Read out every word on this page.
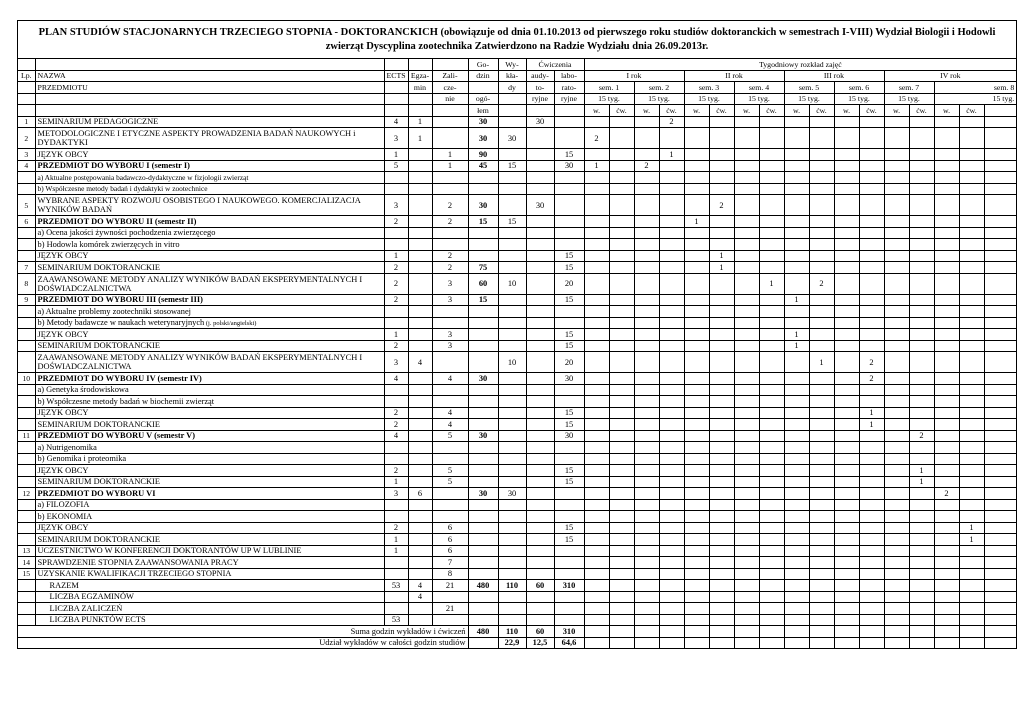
PLAN STUDIÓW STACJONARNYCH TRZECIEGO STOPNIA - DOKTORANCKICH (obowiązuje od dnia 01.10.2013 od pierwszego roku studiów doktoranckich w semestrach I-VIII) Wydział Biologii i Hodowli zwierząt Dyscyplina zootechnika Zatwierdzono na Radzie Wydziału dnia 26.09.2013r.
					Go-	Wy-	Ćwiczenia		Tygodniowy rozkład zajęć																
Lp.	NAZWA	ECTS	Egza-	Zali-	dzin	kła-	audy-	labo-	I rok				II rok				III rok				IV rok				
	PRZEDMIOTU		min	cze-		dy	to-	rato-	sem. 1		sem. 2		sem. 3		sem. 4		sem. 5		sem. 6		sem. 7		sem. 8		
				nie	ogó-		ryjne	ryjne	15 tyg.		15 tyg.		15 tyg.		15 tyg.		15 tyg.		15 tyg.		15 tyg.		15 tyg.		
					łem				w.	ćw.	w.	ćw.	w.	ćw.	w.	ćw.	w.	ćw.	w.	ćw.	w.	ćw.	w.	ćw.	
1	SEMINARIUM PEDAGOGICZNE	4	1		30		30					2													
2	METODOLOGICZNE I ETYCZNE ASPEKTY PROWADZENIA BADAŃ NAUKOWYCH i DYDAKTYKI	3	1		30	30			2																
3	JĘZYK OBCY	1		1	90			15				1													
4	PRZEDMIOT DO WYBORU I (semestr I)	5		1	45	15		30	1		2														
	a) Aktualne postępowania badawczo-dydaktyczne w fizjologii zwierząt																								
	b) Współczesne metody badań i dydaktyki w zootechnice																								
5	WYBRANE ASPEKTY ROZWOJU OSOBISTEGO I NAUKOWEGO. KOMERCJALIZACJA WYNIKÓW BADAŃ	3		2	30		30							2											
6	PRZEDMIOT DO WYBORU II (semestr II)	2		2	15	15							1												
	a) Ocena jakości żywności pochodzenia zwierzęcego																								
	b) Hodowla komórek zwierzęcych in vitro																								
	JĘZYK OBCY	1		2				15						1											
7	SEMINARIUM DOKTORANCKIE	2		2	75			15						1											
8	ZAAWANSOWANE METODY ANALIZY WYNIKÓW BADAŃ EKSPERYMENTALNYCH I DOŚWIADCZALNICTWA	2		3	60	10		20								1		2							
9	PRZEDMIOT DO WYBORU III (semestr III)	2		3	15			15									1								
	a) Aktualne problemy zootechniki stosowanej																								
	b) Metody badawcze w naukach weterynaryjnych (j. polski/angielski)																								
	JĘZYK OBCY	1		3				15									1								
	SEMINARIUM DOKTORANCKIE	2		3				15									1								
	ZAAWANSOWANE METODY ANALIZY WYNIKÓW BADAŃ EKSPERYMENTALNYCH I DOŚWIADCZALNICTWA	3	4			10		20										1		2					
10	PRZEDMIOT DO WYBORU IV (semestr IV)	4		4	30			30												2					
	a) Genetyka środowiskowa																								
	b) Współczesne metody badań w biochemii zwierząt																								
	JĘZYK OBCY	2		4				15												1					
	SEMINARIUM DOKTORANCKIE	2		4				15												1					
11	PRZEDMIOT DO WYBORU V (semestr V)	4		5	30			30														2			
	a) Nutrigenomika																								
	b) Genomika i proteomika																								
	JĘZYK OBCY	2		5				15														1			
	SEMINARIUM DOKTORANCKIE	1		5				15														1			
12	PRZEDMIOT DO WYBORU VI	3	6		30	30																	2		
	a) FILOZOFIA																								
	b) EKONOMIA																								
	JĘZYK OBCY	2		6				15																1	
	SEMINARIUM DOKTORANCKIE	1		6				15																1	
13	UCZESTNICTWO W KONFERENCJI DOKTORANTÓW UP W LUBLINIE	1		6																					
14	SPRAWDZENIE STOPNIA ZAAWANSOWANIA PRACY			7																					
15	UZYSKANIE KWALIFIKACJI TRZECIEGO STOPNIA			8																					
	RAZEM	53	4	21	480	110	60	310																	
	LICZBA EGZAMINÓW		4																						
	LICZBA ZALICZEŃ			21																					
	LICZBA PUNKTÓW ECTS	53																							
Suma godzin wykładów i ćwiczeń					480	110	60	310																	
Udział wykładów w całości godzin studiów						22,9	12,5	64,6																	
